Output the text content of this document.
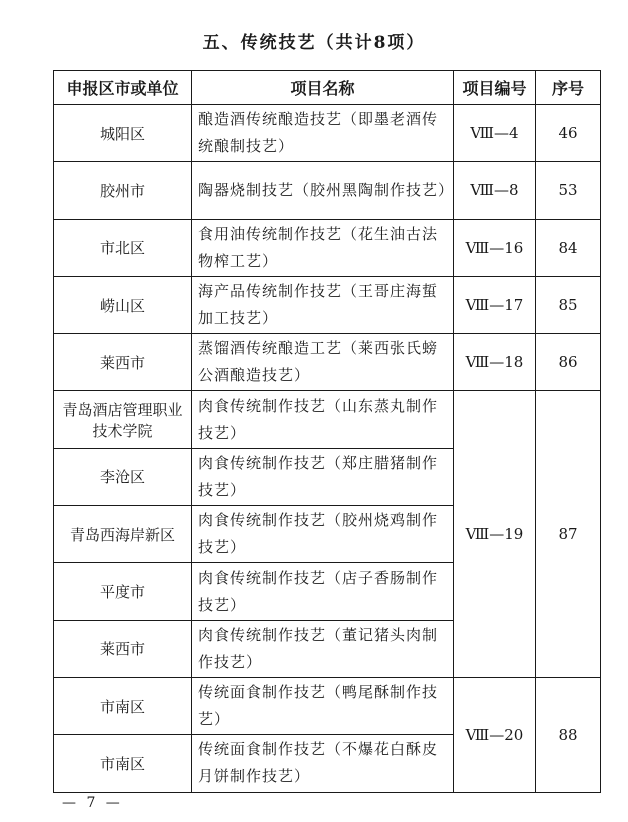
五、传统技艺（共计8项）
申报区市或单位	项目名称	项目编号	序号
城阳区	酿造酒传统酿造技艺（即墨老酒传统酿制技艺）	Ⅷ—4	46
胶州市	陶器烧制技艺（胶州黑陶制作技艺）	Ⅷ—8	53
市北区	食用油传统制作技艺（花生油古法物榨工艺）	Ⅷ—16	84
崂山区	海产品传统制作技艺（王哥庄海蜇加工技艺）	Ⅷ—17	85
莱西市	蒸馏酒传统酿造工艺（莱西张氏螃公酒酿造技艺）	Ⅷ—18	86
青岛酒店管理职业技术学院	肉食传统制作技艺（山东蒸丸制作技艺）	Ⅷ—19	87
李沧区	肉食传统制作技艺（郑庄腊猪制作技艺）		
青岛西海岸新区	肉食传统制作技艺（胶州烧鸡制作技艺）		
平度市	肉食传统制作技艺（店子香肠制作技艺）		
莱西市	肉食传统制作技艺（董记猪头肉制作技艺）		
市南区	传统面食制作技艺（鸭尾酥制作技艺）	Ⅷ—20	88
市南区	传统面食制作技艺（不爆花白酥皮月饼制作技艺）		
— 7 —
